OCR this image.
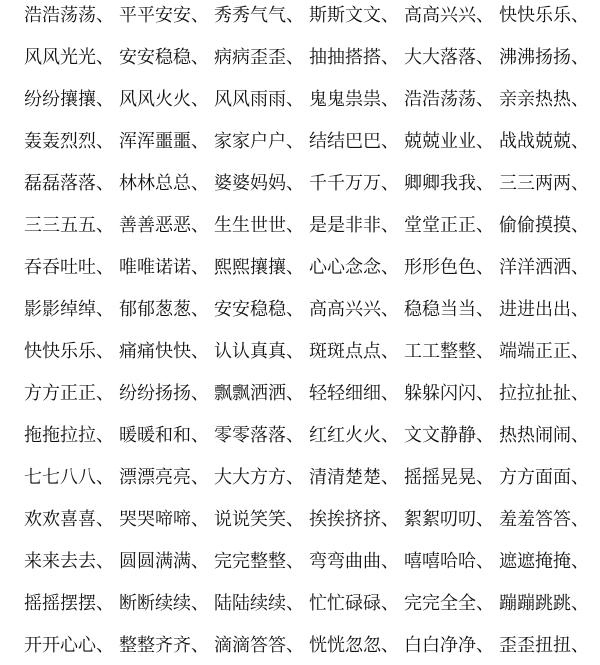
浩浩荡荡、 平平安安、 秀秀气气、 斯斯文文、 高高兴兴、 快快乐乐、
风风光光、 安安稳稳、 病病歪歪、 抽抽搭搭、 大大落落、 沸沸扬扬、
纷纷攘攘、 风风火火、 风风雨雨、 鬼鬼祟祟、 浩浩荡荡、 亲亲热热、
轰轰烈烈、 浑浑噩噩、 家家户户、 结结巴巴、 兢兢业业、 战战兢兢、
磊磊落落、 林林总总、 婆婆妈妈、 千千万万、 卿卿我我、 三三两两、
三三五五、 善善恶恶、 生生世世、 是是非非、 堂堂正正、 偷偷摸摸、
吞吞吐吐、 唯唯诺诺、 熙熙攘攘、 心心念念、 形形色色、 洋洋洒洒、
影影绰绰、 郁郁葱葱、 安安稳稳、 高高兴兴、 稳稳当当、 进进出出、
快快乐乐、 痛痛快快、 认认真真、 斑斑点点、 工工整整、 端端正正、
方方正正、 纷纷扬扬、 飘飘洒洒、 轻轻细细、 躲躲闪闪、 拉拉扯扯、
拖拖拉拉、 暖暖和和、 零零落落、 红红火火、 文文静静、 热热闹闹、
七七八八、 漂漂亮亮、 大大方方、 清清楚楚、 摇摇晃晃、 方方面面、
欢欢喜喜、 哭哭啼啼、 说说笑笑、 挨挨挤挤、 絮絮叨叨、 羞羞答答、
来来去去、 圆圆满满、 完完整整、 弯弯曲曲、 嘻嘻哈哈、 遮遮掩掩、
摇摇摆摆、 断断续续、 陆陆续续、 忙忙碌碌、 完完全全、 蹦蹦跳跳、
开开心心、 整整齐齐、 滴滴答答、 恍恍忽忽、 白白净净、 歪歪扭扭、
